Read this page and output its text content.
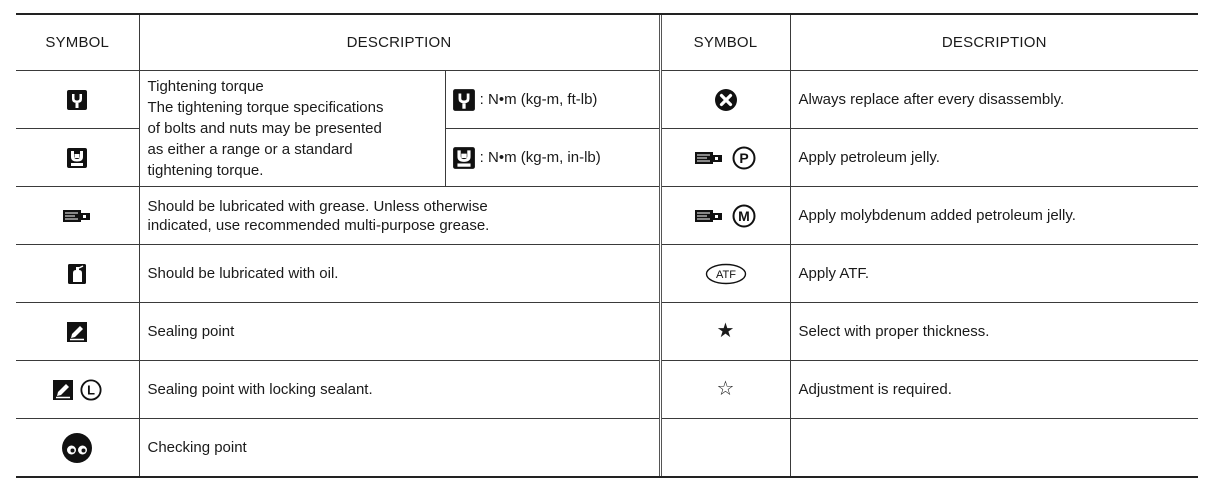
SYMBOL	DESCRIPTION		SYMBOL	DESCRIPTION

Tightening torque
The tightening torque specifications
of bolts and nuts may be presented
as either a range or a standard
tightening torque.	: N•m (kg-m, ft-lb)		Always replace after every disassembly.
	: N•m (kg-m, in-lb)	P	Apply petroleum jelly.

Should be lubricated with grease. Unless otherwise
indicated, use recommended multi-purpose grease.		M	Apply molybdenum added petroleum jelly.
	Should be lubricated with oil.		ATF	Apply ATF.
	Sealing point		★	Select with proper thickness.

L	Sealing point with locking sealant.		☆	Adjustment is required.
	Checking point			
